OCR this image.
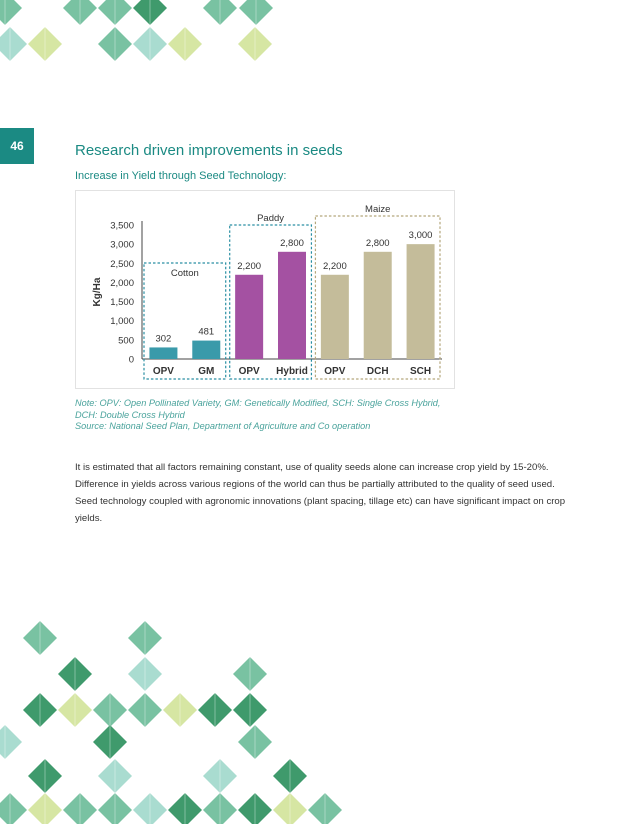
46	Research driven improvements in seeds
Increase in Yield through Seed Technology:
Kg/Ha
0
500
1,000
1,500
2,000
2,500
3,000
3,500
Cotton
Paddy
Maize
302
OPV
481
GM
2,200
OPV
2,800
Hybrid
2,200
OPV
2,800
DCH
3,000
SCH
Note: OPV: Open Pollinated Variety, GM: Genetically Modified, SCH: Single Cross Hybrid, DCH: Double Cross Hybrid
Source: National Seed Plan, Department of Agriculture and Co operation

It is estimated that all factors remaining constant, use of quality seeds alone can increase crop yield by 15-20%.

Difference in yields across various regions of the world can thus be partially attributed to the quality of seed used.

Seed technology coupled with agronomic innovations (plant spacing, tillage etc) can have significant impact on crop yields.
